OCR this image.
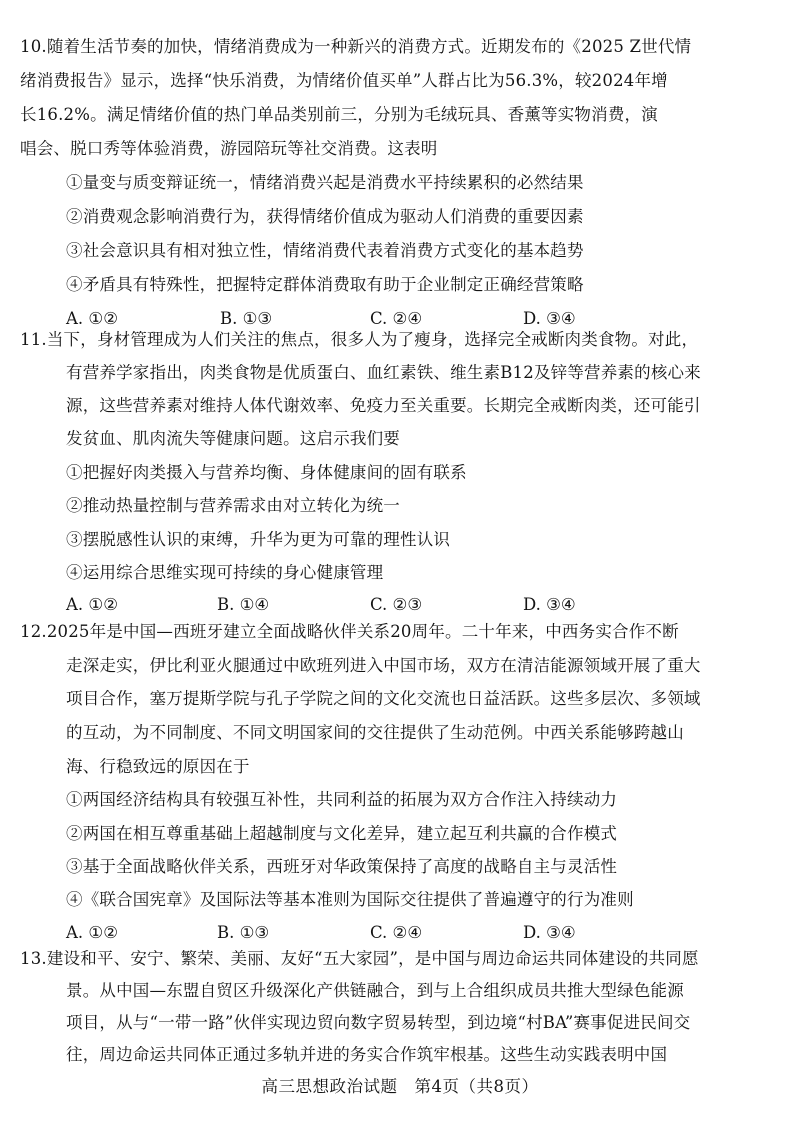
10.随着生活节奏的加快，情绪消费成为一种新兴的消费方式。近期发布的《2025 Z世代情
绪消费报告》显示，选择“快乐消费，为情绪价值买单”人群占比为56.3%，较2024年增
长16.2%。满足情绪价值的热门单品类别前三，分别为毛绒玩具、香薰等实物消费，演
唱会、脱口秀等体验消费，游园陪玩等社交消费。这表明
①量变与质变辩证统一，情绪消费兴起是消费水平持续累积的必然结果
②消费观念影响消费行为，获得情绪价值成为驱动人们消费的重要因素
③社会意识具有相对独立性，情绪消费代表着消费方式变化的基本趋势
④矛盾具有特殊性，把握特定群体消费取有助于企业制定正确经营策略
A. ①②	B. ①③	C. ②④	D. ③④
11.当下，身材管理成为人们关注的焦点，很多人为了瘦身，选择完全戒断肉类食物。对此，
有营养学家指出，肉类食物是优质蛋白、血红素铁、维生素B12及锌等营养素的核心来
源，这些营养素对维持人体代谢效率、免疫力至关重要。长期完全戒断肉类，还可能引
发贫血、肌肉流失等健康问题。这启示我们要
①把握好肉类摄入与营养均衡、身体健康间的固有联系
②推动热量控制与营养需求由对立转化为统一
③摆脱感性认识的束缚，升华为更为可靠的理性认识
④运用综合思维实现可持续的身心健康管理
A. ①②	B. ①④	C. ②③	D. ③④
12.2025年是中国—西班牙建立全面战略伙伴关系20周年。二十年来，中西务实合作不断
走深走实，伊比利亚火腿通过中欧班列进入中国市场，双方在清洁能源领域开展了重大
项目合作，塞万提斯学院与孔子学院之间的文化交流也日益活跃。这些多层次、多领域
的互动，为不同制度、不同文明国家间的交往提供了生动范例。中西关系能够跨越山
海、行稳致远的原因在于
①两国经济结构具有较强互补性，共同利益的拓展为双方合作注入持续动力
②两国在相互尊重基础上超越制度与文化差异，建立起互利共赢的合作模式
③基于全面战略伙伴关系，西班牙对华政策保持了高度的战略自主与灵活性
④《联合国宪章》及国际法等基本准则为国际交往提供了普遍遵守的行为准则
A. ①②	B. ①③	C. ②④	D. ③④
13.建设和平、安宁、繁荣、美丽、友好“五大家园”，是中国与周边命运共同体建设的共同愿
景。从中国—东盟自贸区升级深化产供链融合，到与上合组织成员共推大型绿色能源
项目，从与“一带一路”伙伴实现边贸向数字贸易转型，到边境“村BA”赛事促进民间交
往，周边命运共同体正通过多轨并进的务实合作筑牢根基。这些生动实践表明中国
高三思想政治试题　第4页（共8页）
